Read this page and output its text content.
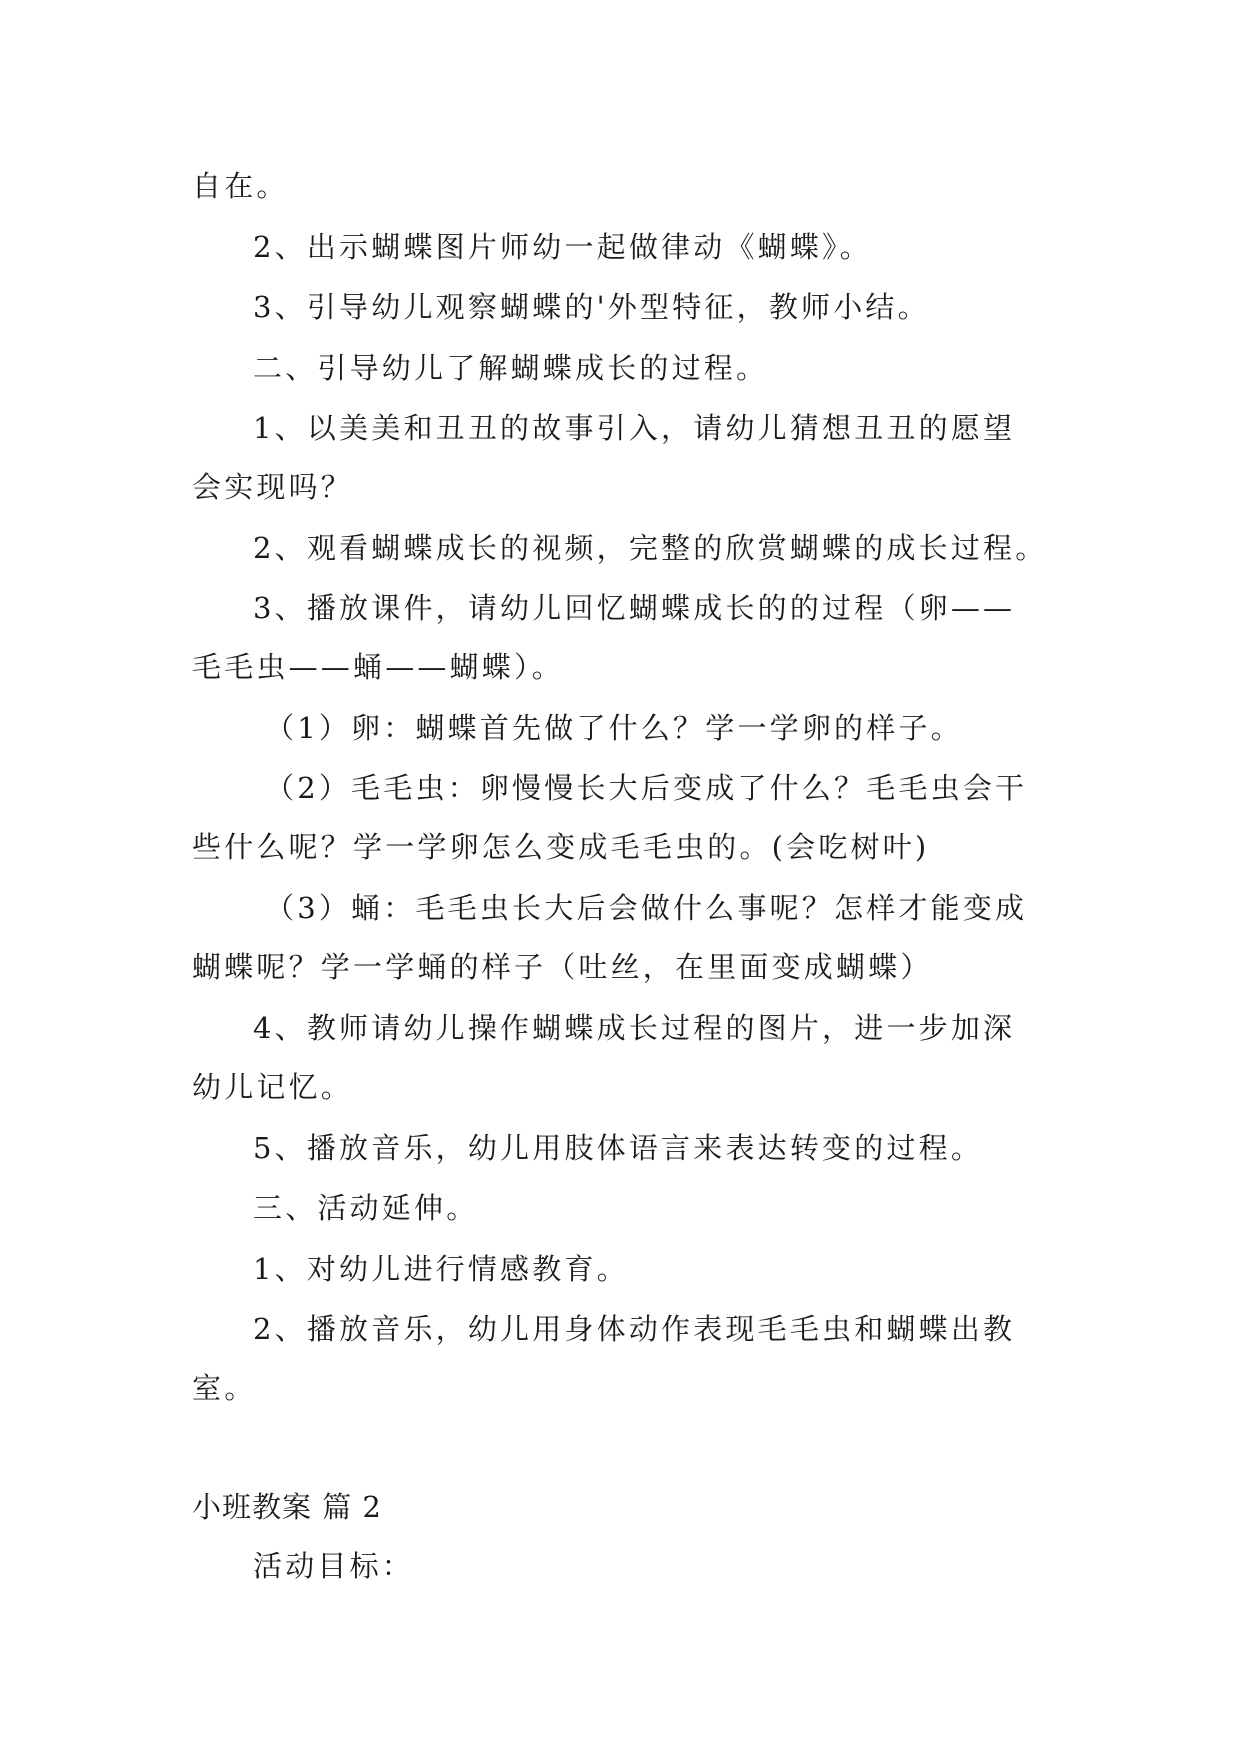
自在。
2、出示蝴蝶图片师幼一起做律动《蝴蝶》。
3、引导幼儿观察蝴蝶的'外型特征，教师小结。
二、引导幼儿了解蝴蝶成长的过程。
1、以美美和丑丑的故事引入，请幼儿猜想丑丑的愿望
会实现吗？
2、观看蝴蝶成长的视频，完整的欣赏蝴蝶的成长过程。
3、播放课件，请幼儿回忆蝴蝶成长的的过程（卵——
毛毛虫——蛹——蝴蝶）。
（1）卵：蝴蝶首先做了什么？学一学卵的样子。
（2）毛毛虫：卵慢慢长大后变成了什么？毛毛虫会干
些什么呢？学一学卵怎么变成毛毛虫的。(会吃树叶)
（3）蛹：毛毛虫长大后会做什么事呢？怎样才能变成
蝴蝶呢？学一学蛹的样子（吐丝，在里面变成蝴蝶）
4、教师请幼儿操作蝴蝶成长过程的图片，进一步加深
幼儿记忆。
5、播放音乐，幼儿用肢体语言来表达转变的过程。
三、活动延伸。
1、对幼儿进行情感教育。
2、播放音乐，幼儿用身体动作表现毛毛虫和蝴蝶出教
室。
小班教案 篇 2
活动目标：
